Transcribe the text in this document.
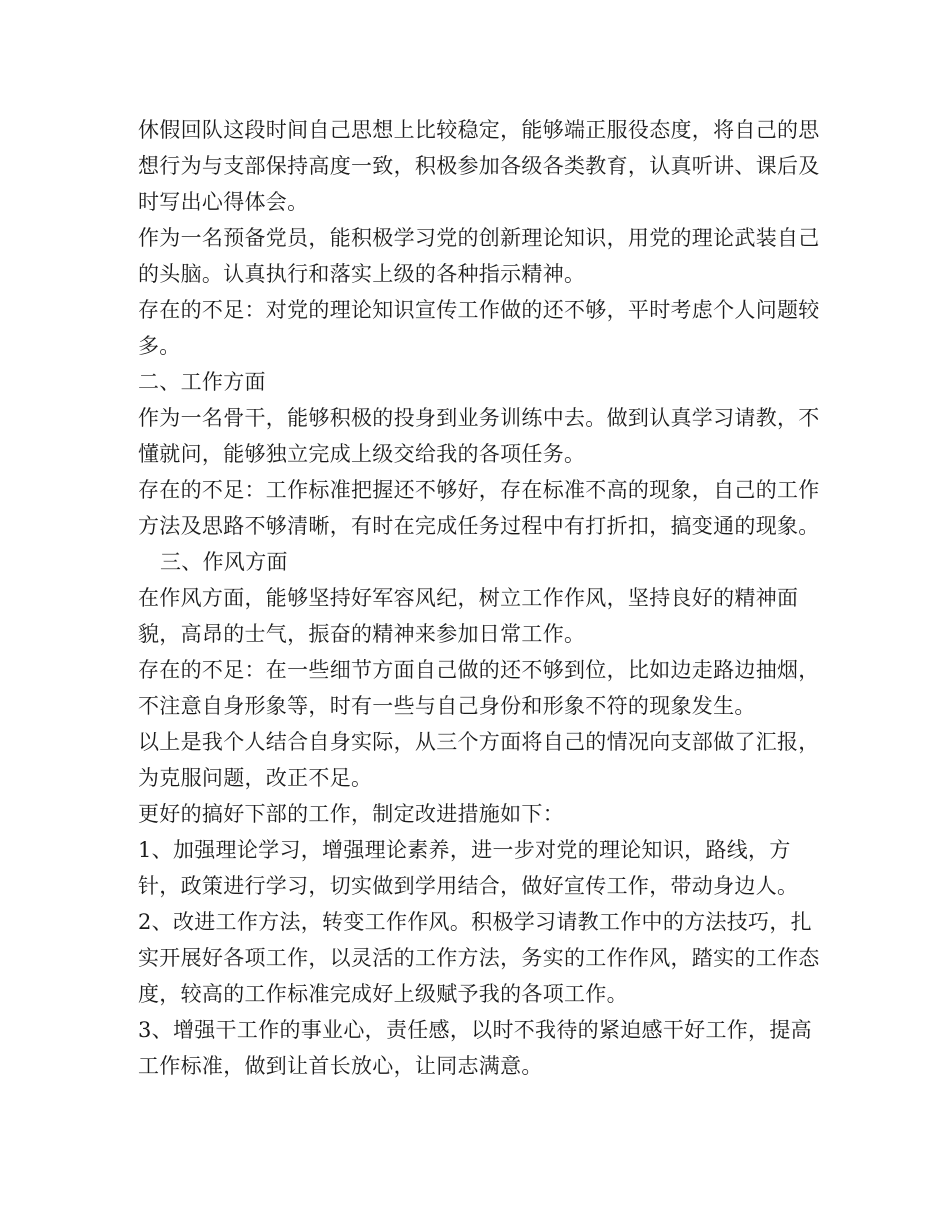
休假回队这段时间自己思想上比较稳定，能够端正服役态度，将自己的思想行为与支部保持高度一致，积极参加各级各类教育，认真听讲、课后及时写出心得体会。

作为一名预备党员，能积极学习党的创新理论知识，用党的理论武装自己的头脑。认真执行和落实上级的各种指示精神。

存在的不足：对党的理论知识宣传工作做的还不够，平时考虑个人问题较多。

二、工作方面

作为一名骨干，能够积极的投身到业务训练中去。做到认真学习请教，不懂就问，能够独立完成上级交给我的各项任务。

存在的不足：工作标准把握还不够好，存在标准不高的现象，自己的工作方法及思路不够清晰，有时在完成任务过程中有打折扣，搞变通的现象。

三、作风方面

在作风方面，能够坚持好军容风纪，树立工作作风，坚持良好的精神面貌，高昂的士气，振奋的精神来参加日常工作。

存在的不足：在一些细节方面自己做的还不够到位，比如边走路边抽烟，不注意自身形象等，时有一些与自己身份和形象不符的现象发生。

以上是我个人结合自身实际，从三个方面将自己的情况向支部做了汇报，为克服问题，改正不足。

更好的搞好下部的工作，制定改进措施如下：

1、加强理论学习，增强理论素养，进一步对党的理论知识，路线，方针，政策进行学习，切实做到学用结合，做好宣传工作，带动身边人。

2、改进工作方法，转变工作作风。积极学习请教工作中的方法技巧，扎实开展好各项工作，以灵活的工作方法，务实的工作作风，踏实的工作态度，较高的工作标准完成好上级赋予我的各项工作。

3、增强干工作的事业心，责任感，以时不我待的紧迫感干好工作，提高工作标准，做到让首长放心，让同志满意。
